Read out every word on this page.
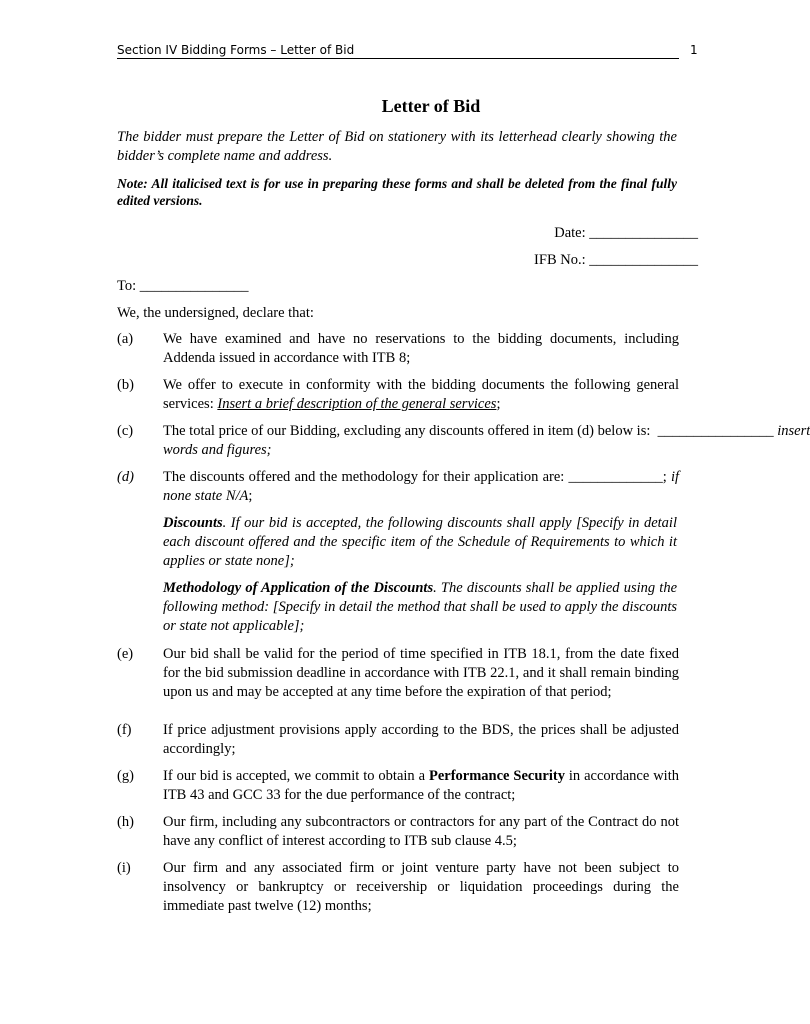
Section IV Bidding Forms – Letter of Bid	1
Letter of Bid
The bidder must prepare the Letter of Bid on stationery with its letterhead clearly showing the bidder’s complete name and address.
Note: All italicised text is for use in preparing these forms and shall be deleted from the final fully edited versions.
Date: _______________
IFB No.: _______________
To: _______________
We, the undersigned, declare that:
(a)	We have examined and have no reservations to the bidding documents, including Addenda issued in accordance with ITB 8;
(b)	We offer to execute in conformity with the bidding documents the following general services: Insert a brief description of the general services;
(c)	The total price of our Bidding, excluding any discounts offered in item (d) below is:  ________________ insert words and figures;
(d)	The discounts offered and the methodology for their application are: _____________; if none state N/A;
Discounts. If our bid is accepted, the following discounts shall apply [Specify in detail each discount offered and the specific item of the Schedule of Requirements to which it applies or state none];
Methodology of Application of the Discounts. The discounts shall be applied using the following method: [Specify in detail the method that shall be used to apply the discounts or state not applicable];
(e)	Our bid shall be valid for the period of time specified in ITB 18.1, from the date fixed for the bid submission deadline in accordance with ITB 22.1, and it shall remain binding upon us and may be accepted at any time before the expiration of that period;
(f)	If price adjustment provisions apply according to the BDS, the prices shall be adjusted accordingly;
(g)	If our bid is accepted, we commit to obtain a Performance Security in accordance with ITB 43 and GCC 33 for the due performance of the contract;
(h)	Our firm, including any subcontractors or contractors for any part of the Contract do not have any conflict of interest according to ITB sub clause 4.5;
(i)	Our firm and any associated firm or joint venture party have not been subject to insolvency or bankruptcy or receivership or liquidation proceedings during the immediate past twelve (12) months;
